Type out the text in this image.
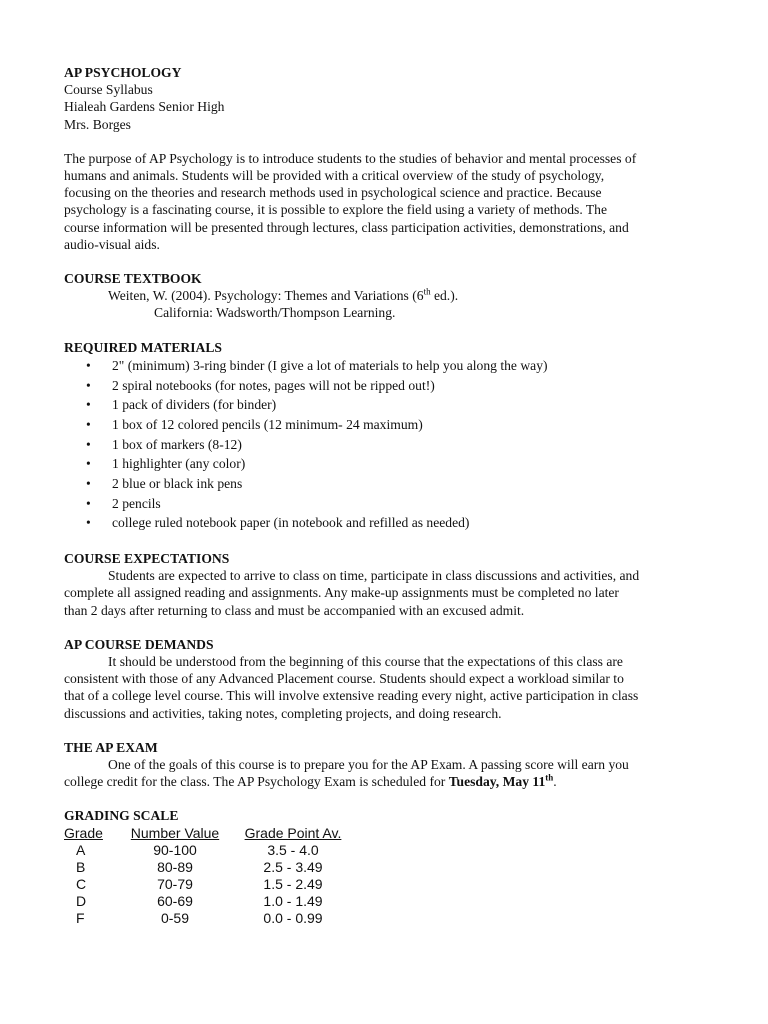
AP PSYCHOLOGY
Course Syllabus
Hialeah Gardens Senior High
Mrs. Borges
The purpose of AP Psychology is to introduce students to the studies of behavior and mental processes of
humans and animals. Students will be provided with a critical overview of the study of psychology,
focusing on the theories and research methods used in psychological science and practice. Because
psychology is a fascinating course, it is possible to explore the field using a variety of methods. The
course information will be presented through lectures, class participation activities, demonstrations, and
audio-visual aids.
COURSE TEXTBOOK
Weiten, W. (2004). Psychology: Themes and Variations (6th ed.).
California: Wadsworth/Thompson Learning.
REQUIRED MATERIALS
• 2" (minimum) 3-ring binder (I give a lot of materials to help you along the way)
• 2 spiral notebooks (for notes, pages will not be ripped out!)
• 1 pack of dividers (for binder)
• 1 box of 12 colored pencils (12 minimum- 24 maximum)
• 1 box of markers (8-12)
• 1 highlighter (any color)
• 2 blue or black ink pens
• 2 pencils
• college ruled notebook paper (in notebook and refilled as needed)
COURSE EXPECTATIONS
Students are expected to arrive to class on time, participate in class discussions and activities, and
complete all assigned reading and assignments. Any make-up assignments must be completed no later
than 2 days after returning to class and must be accompanied with an excused admit.
AP COURSE DEMANDS
It should be understood from the beginning of this course that the expectations of this class are
consistent with those of any Advanced Placement course. Students should expect a workload similar to
that of a college level course. This will involve extensive reading every night, active participation in class
discussions and activities, taking notes, completing projects, and doing research.
THE AP EXAM
One of the goals of this course is to prepare you for the AP Exam. A passing score will earn you
college credit for the class. The AP Psychology Exam is scheduled for Tuesday, May 11th.
GRADING SCALE
Grade	Number Value	Grade Point Av.
A	90-100	3.5 - 4.0
B	80-89	2.5 - 3.49
C	70-79	1.5 - 2.49
D	60-69	1.0 - 1.49
F	0-59	0.0 - 0.99
